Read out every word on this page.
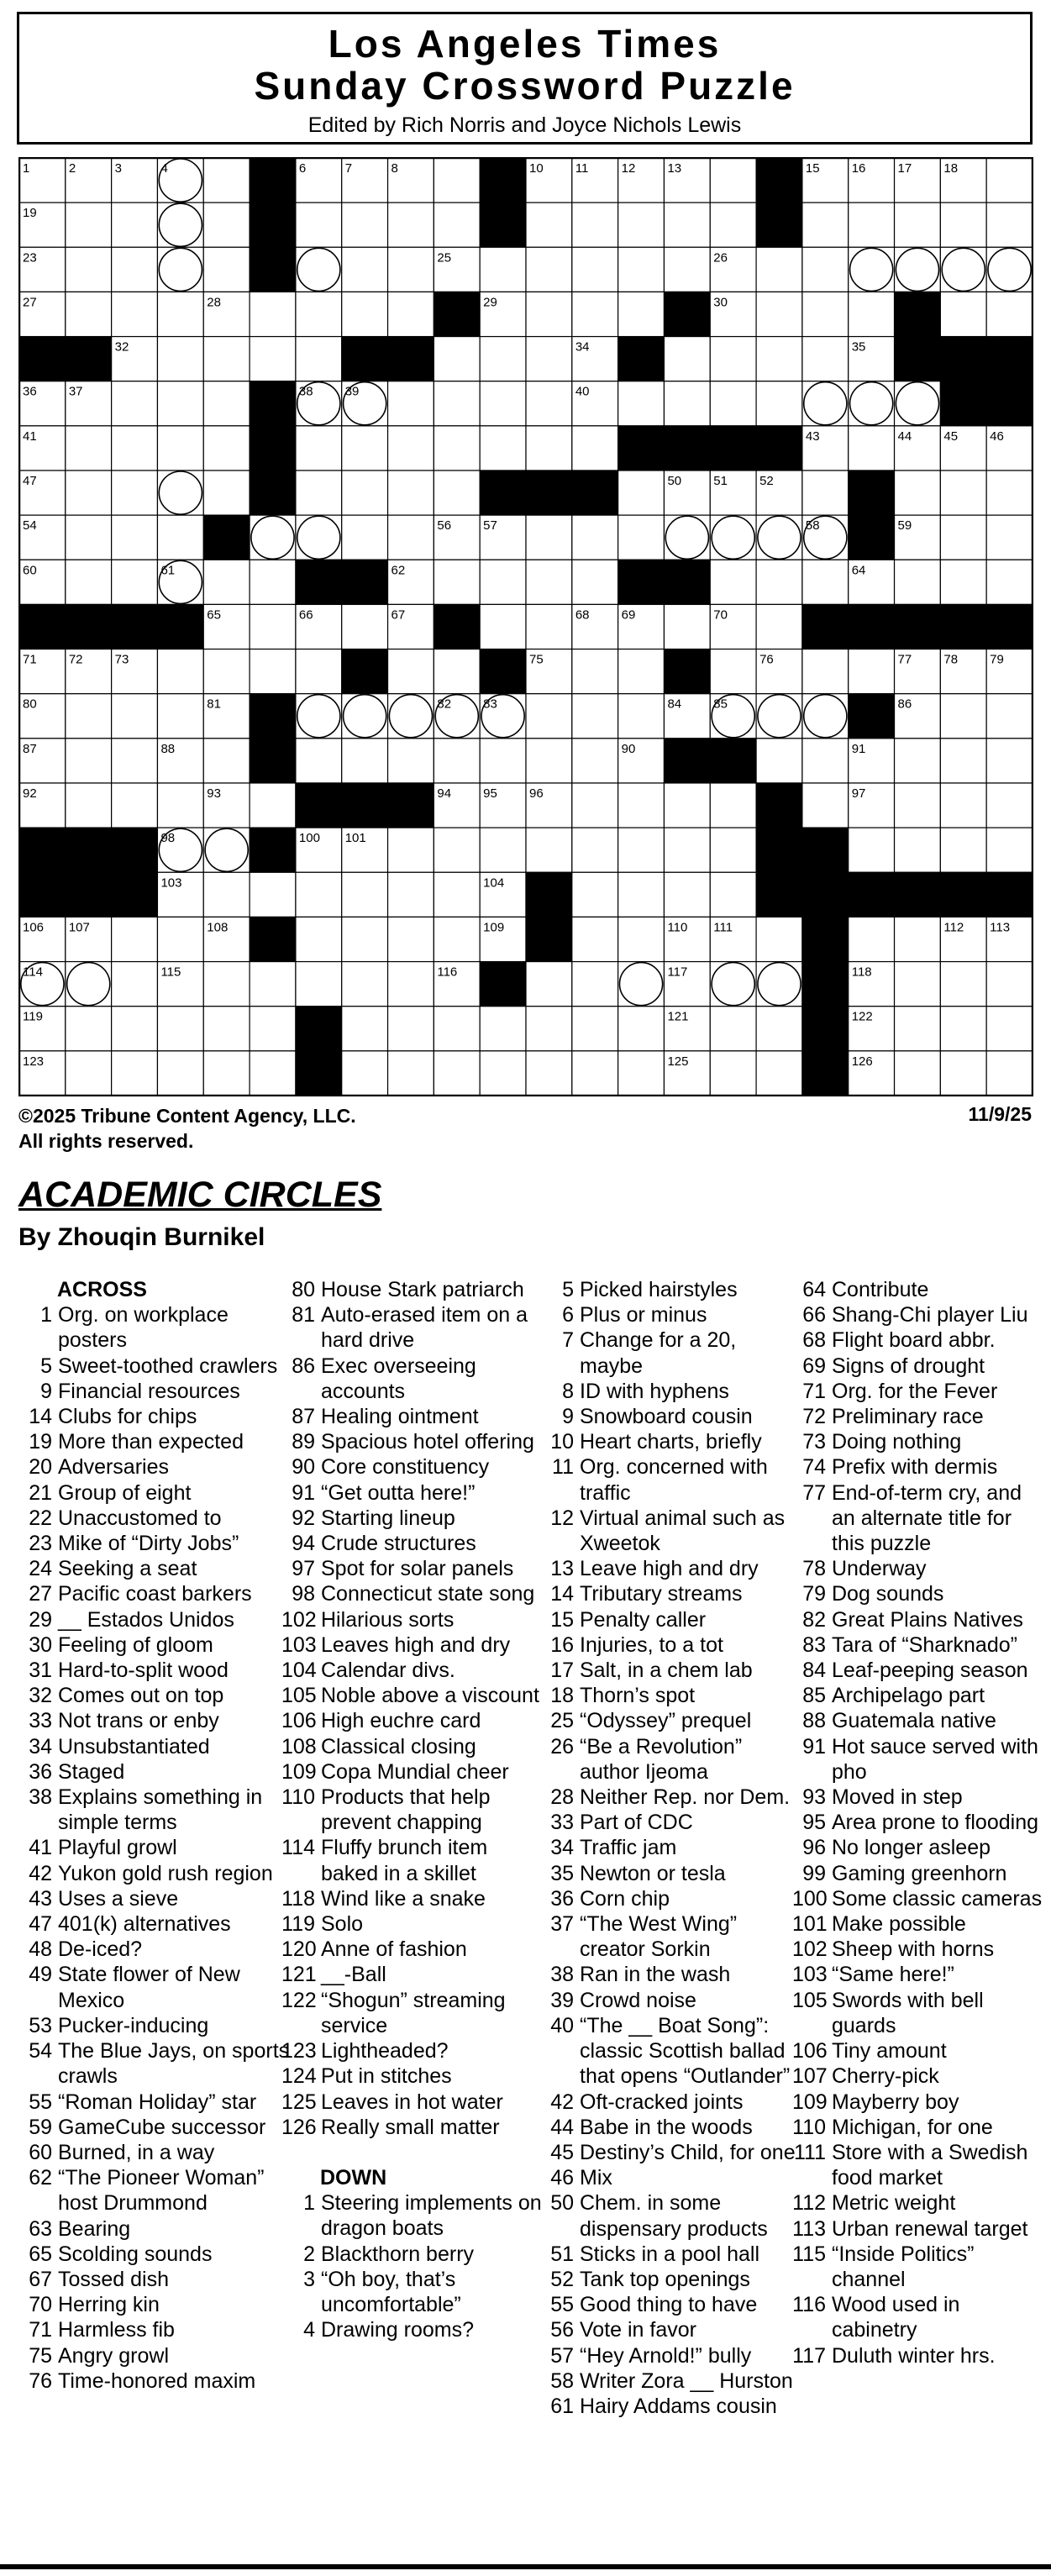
Los Angeles Times
Sunday Crossword Puzzle
Edited by Rich Norris and Joyce Nichols Lewis
1	2	3	4	5	6	7	8	9	10	11	12	13	14	15	16	17	18
19	20	21	22
23	24	25	26
27	28	29	30	31
32	33	34	35
36	37	38	39	40
41	42	43	44	45	46
47	48	49	50	51	52	53
54	55	56	57	58	59
60	61	62	63	64
65	66	67	68	69	70
71	72	73	74	75	76	77	78	79
80	81	82	83	84	85	86
87	88	89	90	91
92	93	94	95	96	97
98	99	100 101	102
103	104	105
106 107	108	109	110 111	112 113
114	115	116	117	118
119	120	121	122
123	124	125	126
©2025 Tribune Content Agency, LLC.
All rights reserved.
11/9/25
ACADEMIC CIRCLES
By Zhouqin Burnikel
ACROSS
1 Org. on workplace posters
5 Sweet-toothed crawlers
9 Financial resources
14 Clubs for chips
19 More than expected
20 Adversaries
21 Group of eight
22 Unaccustomed to
23 Mike of “Dirty Jobs”
24 Seeking a seat
27 Pacific coast barkers
29 __ Estados Unidos
30 Feeling of gloom
31 Hard-to-split wood
32 Comes out on top
33 Not trans or enby
34 Unsubstantiated
36 Staged
38 Explains something in simple terms
41 Playful growl
42 Yukon gold rush region
43 Uses a sieve
47 401(k) alternatives
48 De-iced?
49 State flower of New Mexico
53 Pucker-inducing
54 The Blue Jays, on sports crawls
55 “Roman Holiday” star
59 GameCube successor
60 Burned, in a way
62 “The Pioneer Woman” host Drummond
63 Bearing
65 Scolding sounds
67 Tossed dish
70 Herring kin
71 Harmless fib
75 Angry growl
76 Time-honored maxim
80 House Stark patriarch
81 Auto-erased item on a hard drive
86 Exec overseeing accounts
87 Healing ointment
89 Spacious hotel offering
90 Core constituency
91 “Get outta here!”
92 Starting lineup
94 Crude structures
97 Spot for solar panels
98 Connecticut state song
102 Hilarious sorts
103 Leaves high and dry
104 Calendar divs.
105 Noble above a viscount
106 High euchre card
108 Classical closing
109 Copa Mundial cheer
110 Products that help prevent chapping
114 Fluffy brunch item baked in a skillet
118 Wind like a snake
119 Solo
120 Anne of fashion
121 __-Ball
122 “Shogun” streaming service
123 Lightheaded?
124 Put in stitches
125 Leaves in hot water
126 Really small matter
DOWN
1 Steering implements on dragon boats
2 Blackthorn berry
3 “Oh boy, that’s uncomfortable”
4 Drawing rooms?
5 Picked hairstyles
6 Plus or minus
7 Change for a 20, maybe
8 ID with hyphens
9 Snowboard cousin
10 Heart charts, briefly
11 Org. concerned with traffic
12 Virtual animal such as Xweetok
13 Leave high and dry
14 Tributary streams
15 Penalty caller
16 Injuries, to a tot
17 Salt, in a chem lab
18 Thorn’s spot
25 “Odyssey” prequel
26 “Be a Revolution” author Ijeoma
28 Neither Rep. nor Dem.
33 Part of CDC
34 Traffic jam
35 Newton or tesla
36 Corn chip
37 “The West Wing” creator Sorkin
38 Ran in the wash
39 Crowd noise
40 “The __ Boat Song”: classic Scottish ballad that opens “Outlander”
42 Oft-cracked joints
44 Babe in the woods
45 Destiny’s Child, for one
46 Mix
50 Chem. in some dispensary products
51 Sticks in a pool hall
52 Tank top openings
55 Good thing to have
56 Vote in favor
57 “Hey Arnold!” bully
58 Writer Zora __ Hurston
61 Hairy Addams cousin
64 Contribute
66 Shang-Chi player Liu
68 Flight board abbr.
69 Signs of drought
71 Org. for the Fever
72 Preliminary race
73 Doing nothing
74 Prefix with dermis
77 End-of-term cry, and an alternate title for this puzzle
78 Underway
79 Dog sounds
82 Great Plains Natives
83 Tara of “Sharknado”
84 Leaf-peeping season
85 Archipelago part
88 Guatemala native
91 Hot sauce served with pho
93 Moved in step
95 Area prone to flooding
96 No longer asleep
99 Gaming greenhorn
100 Some classic cameras
101 Make possible
102 Sheep with horns
103 “Same here!”
105 Swords with bell guards
106 Tiny amount
107 Cherry-pick
109 Mayberry boy
110 Michigan, for one
111 Store with a Swedish food market
112 Metric weight
113 Urban renewal target
115 “Inside Politics” channel
116 Wood used in cabinetry
117 Duluth winter hrs.
